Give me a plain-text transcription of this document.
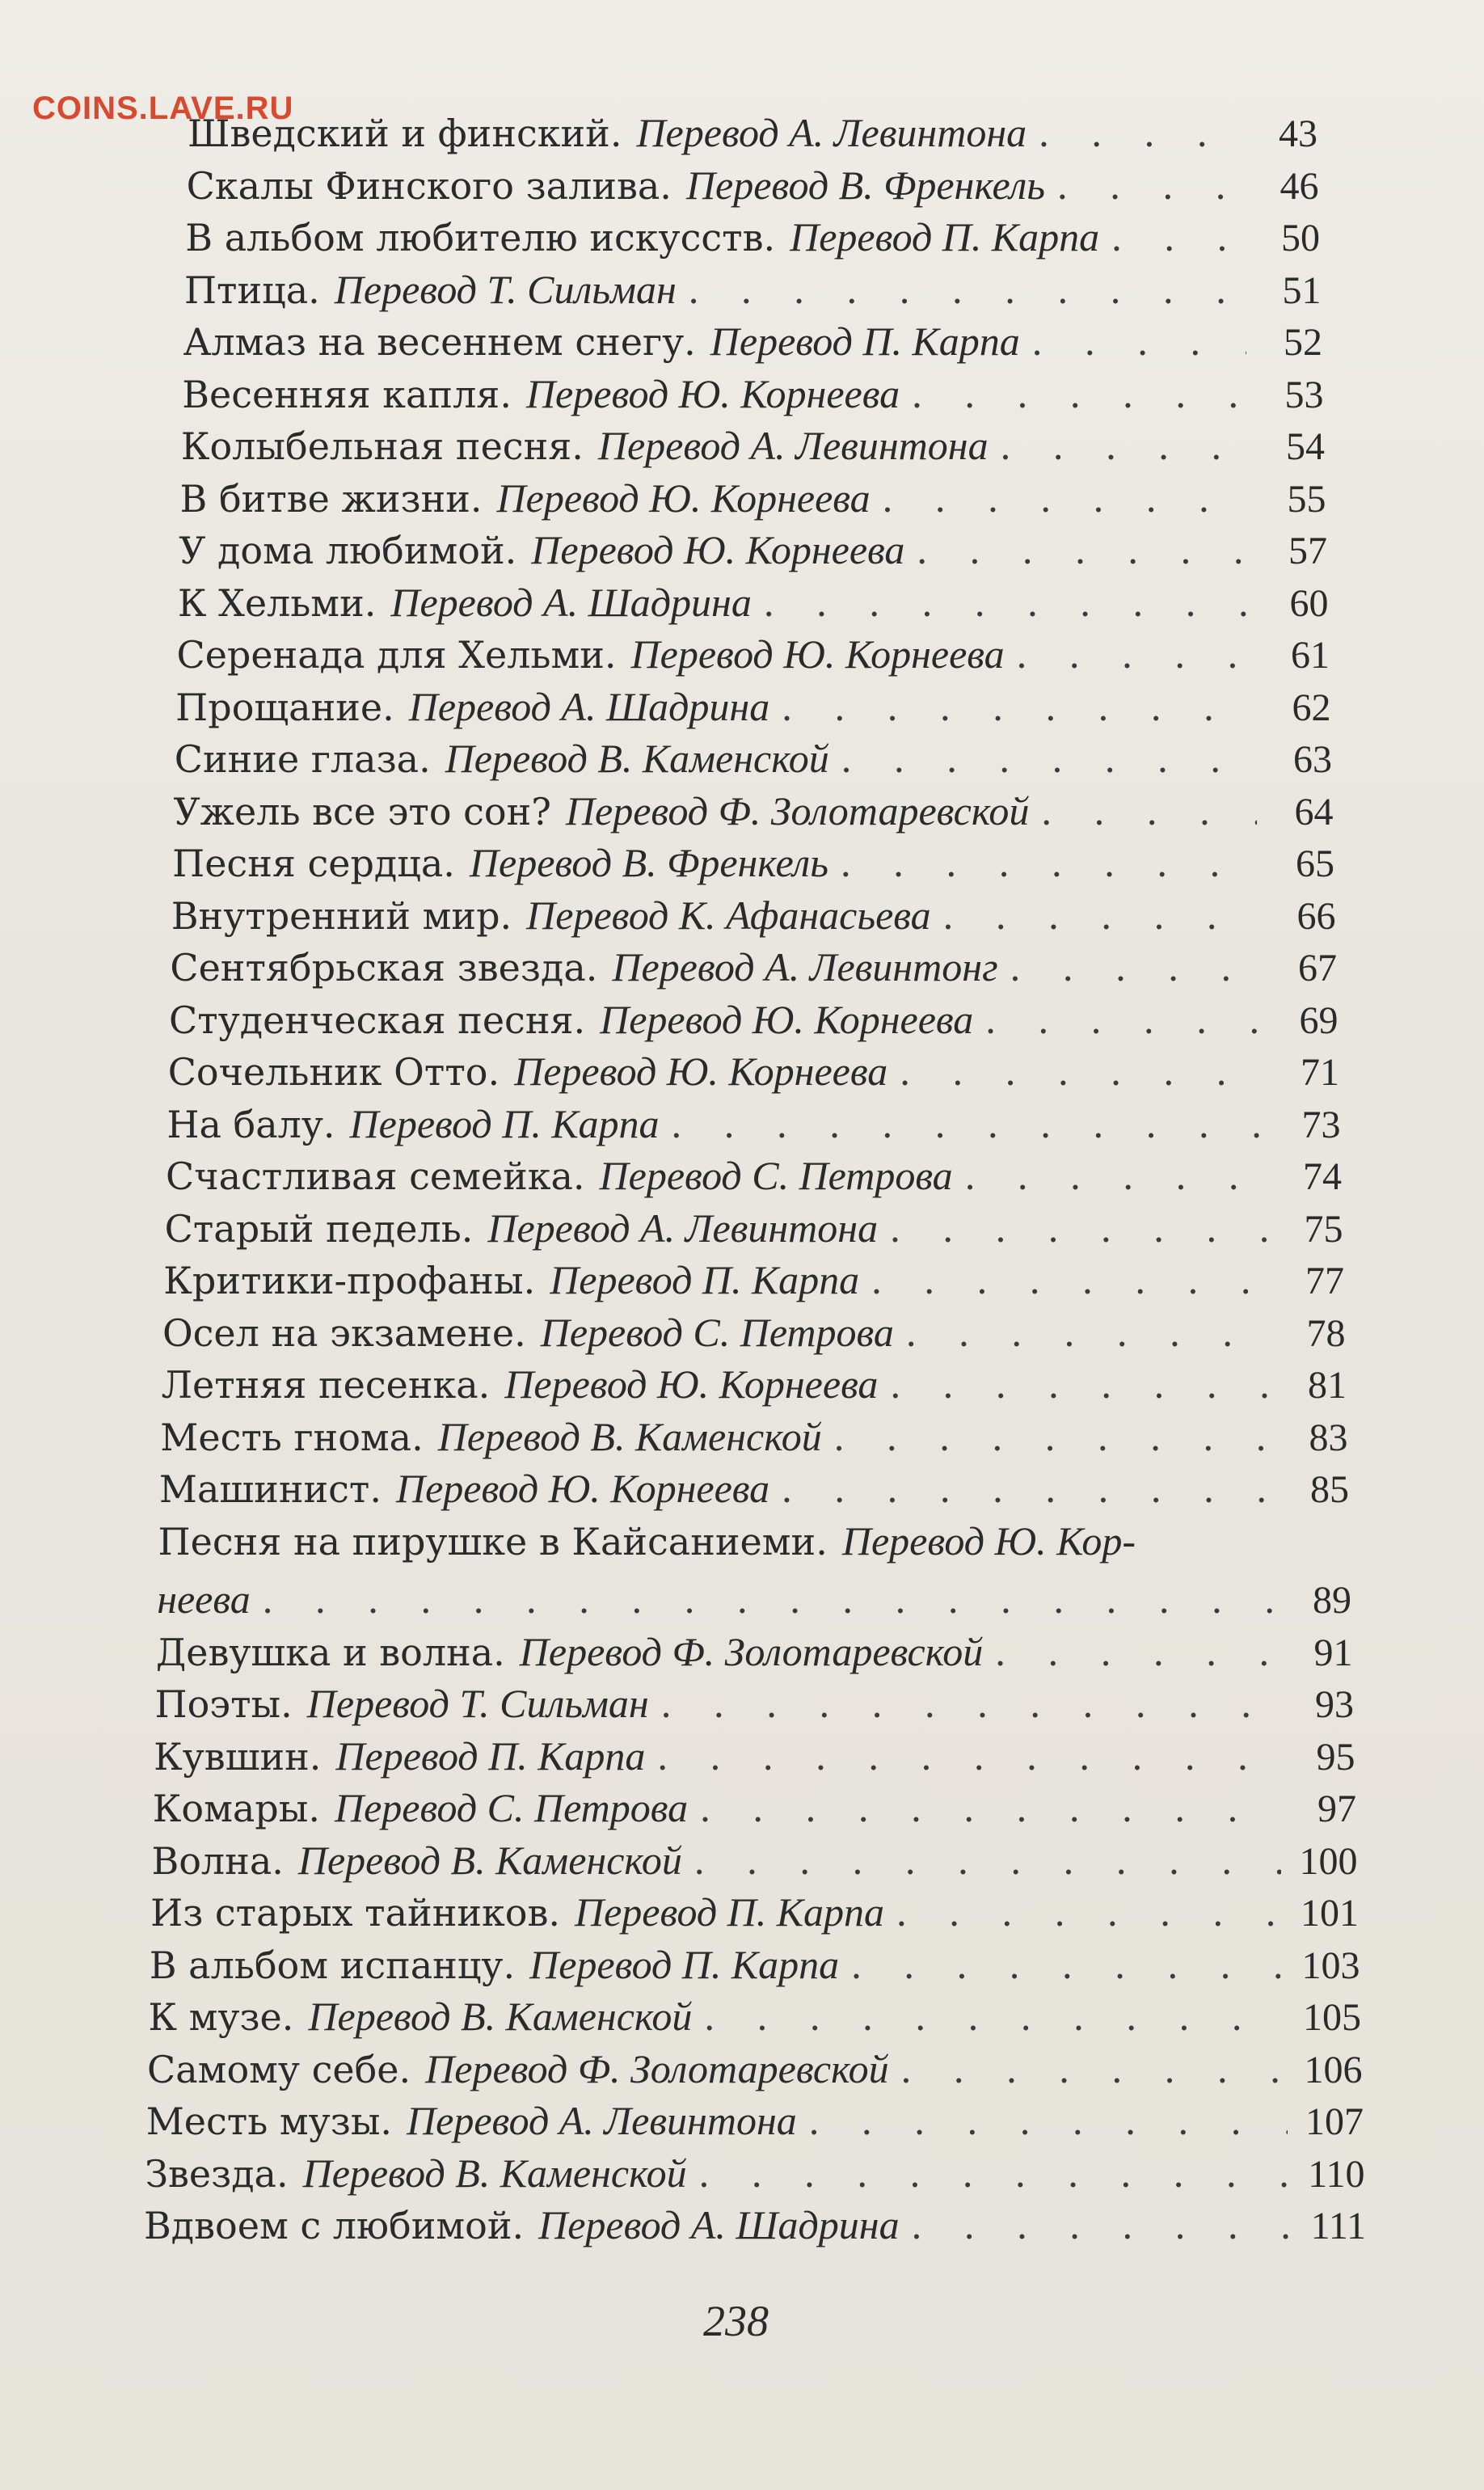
COINS.LAVE.RU
Шведский и финский. Перевод А. Левинтона . . .	43
Скалы Финского залива. Перевод В. Френкель . . .	46
В альбом любителю искусств. Перевод П. Карпа . . .	50
Птица. Перевод Т. Сильман . . .	51
Алмаз на весеннем снегу. Перевод П. Карпа . . .	52
Весенняя капля. Перевод Ю. Корнеева . . .	53
Колыбельная песня. Перевод А. Левинтона . . .	54
В битве жизни. Перевод Ю. Корнеева . . .	55
У дома любимой. Перевод Ю. Корнеева . . .	57
К Хельми. Перевод А. Шадрина . . .	60
Серенада для Хельми. Перевод Ю. Корнеева . . .	61
Прощание. Перевод А. Шадрина . . .	62
Синие глаза. Перевод В. Каменской . . .	63
Ужель все это сон? Перевод Ф. Золотаревской . . .	64
Песня сердца. Перевод В. Френкель . . .	65
Внутренний мир. Перевод К. Афанасьева . . .	66
Сентябрьская звезда. Перевод А. Левинтонг . . .	67
Студенческая песня. Перевод Ю. Корнеева . . .	69
Сочельник Отто. Перевод Ю. Корнеева . . .	71
На балу. Перевод П. Карпа . . .	73
Счастливая семейка. Перевод С. Петрова . . .	74
Старый педель. Перевод А. Левинтона . . .	75
Критики-профаны. Перевод П. Карпа . . .	77
Осел на экзамене. Перевод С. Петрова . . .	78
Летняя песенка. Перевод Ю. Корнеева . . .	81
Месть гнома. Перевод В. Каменской . . .	83
Машинист. Перевод Ю. Корнеева . . .	85
Песня на пирушке в Кайсаниеми. Перевод Ю. Кор-
неева . . .	89
Девушка и волна. Перевод Ф. Золотаревской . . .	91
Поэты. Перевод Т. Сильман . . .	93
Кувшин. Перевод П. Карпа . . .	95
Комары. Перевод С. Петрова . . .	97
Волна. Перевод В. Каменской . . .	100
Из старых тайников. Перевод П. Карпа . . .	101
В альбом испанцу. Перевод П. Карпа . . .	103
К музе. Перевод В. Каменской . . .	105
Самому себе. Перевод Ф. Золотаревской . . .	106
Месть музы. Перевод А. Левинтона . . .	107
Звезда. Перевод В. Каменской . . .	110
Вдвоем с любимой. Перевод А. Шадрина . . .	111
238
